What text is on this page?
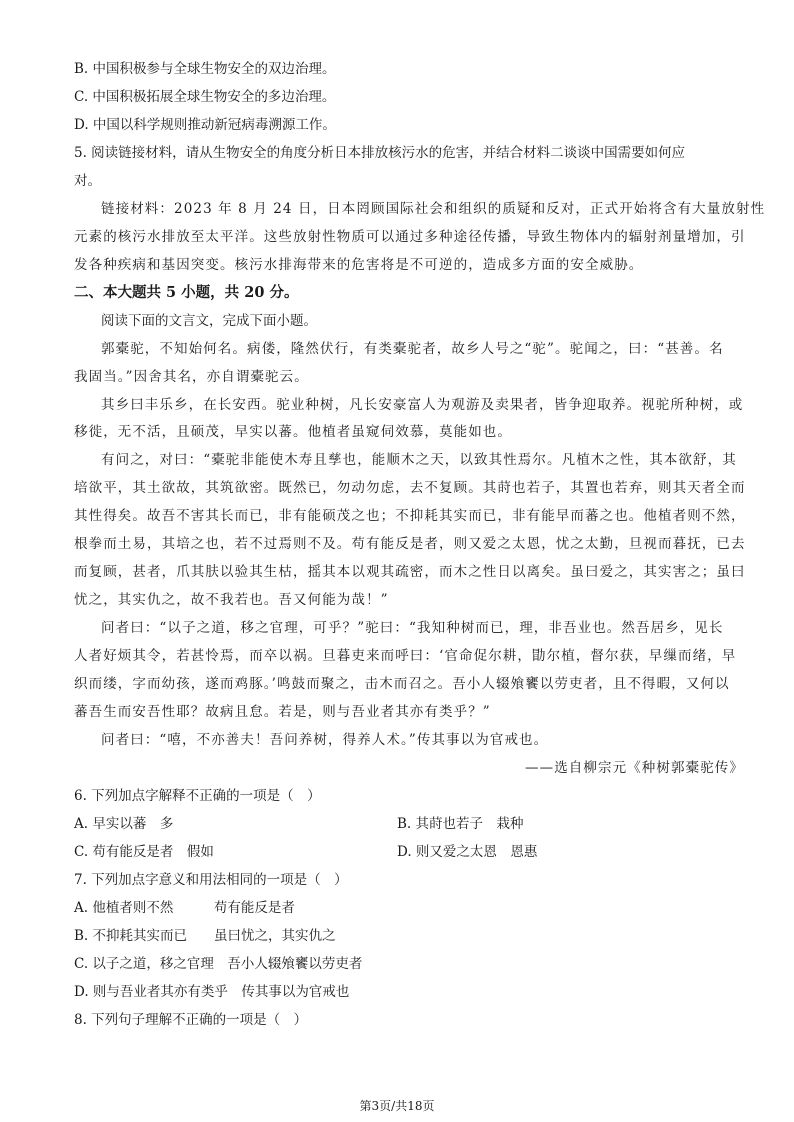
B. 中国积极参与全球生物安全的双边治理。
C. 中国积极拓展全球生物安全的多边治理。
D. 中国以科学规则推动新冠病毒溯源工作。
5. 阅读链接材料，请从生物安全的角度分析日本排放核污水的危害，并结合材料二谈谈中国需要如何应
对。
链接材料：2023 年 8 月 24 日，日本罔顾国际社会和组织的质疑和反对，正式开始将含有大量放射性
元素的核污水排放至太平洋。这些放射性物质可以通过多种途径传播，导致生物体内的辐射剂量增加，引
发各种疾病和基因突变。核污水排海带来的危害将是不可逆的，造成多方面的安全威胁。
二、本大题共 5 小题，共 20 分。
阅读下面的文言文，完成下面小题。
郭橐驼，不知始何名。病偻，隆然伏行，有类橐驼者，故乡人号之“驼”。驼闻之，曰：“甚善。名
我固当。”因舍其名，亦自谓橐驼云。
其乡曰丰乐乡，在长安西。驼业种树，凡长安豪富人为观游及卖果者，皆争迎取养。视驼所种树，或
移徙，无不活，且硕茂，早实以蕃。他植者虽窥伺效慕，莫能如也。
有问之，对曰：“橐驼非能使木寿且孳也，能顺木之天，以致其性焉尔。凡植木之性，其本欲舒，其
培欲平，其土欲故，其筑欲密。既然已，勿动勿虑，去不复顾。其莳也若子，其置也若弃，则其天者全而
其性得矣。故吾不害其长而已，非有能硕茂之也；不抑耗其实而已，非有能早而蕃之也。他植者则不然，
根拳而土易，其培之也，若不过焉则不及。苟有能反是者，则又爱之太恩，忧之太勤，旦视而暮抚，已去
而复顾，甚者，爪其肤以验其生枯，摇其本以观其疏密，而木之性日以离矣。虽曰爱之，其实害之；虽曰
忧之，其实仇之，故不我若也。吾又何能为哉！”
问者曰：“以子之道，移之官理，可乎？”驼曰：“我知种树而已，理，非吾业也。然吾居乡，见长
人者好烦其令，若甚怜焉，而卒以祸。旦暮吏来而呼曰：‘官命促尔耕，勖尔植，督尔获，早缫而绪，早
织而缕，字而幼孩，遂而鸡豚。’鸣鼓而聚之，击木而召之。吾小人辍飧饔以劳吏者，且不得暇，又何以
蕃吾生而安吾性耶？故病且怠。若是，则与吾业者其亦有类乎？”
问者曰：“嘻，不亦善夫！吾问养树，得养人术。”传其事以为官戒也。
——选自柳宗元《种树郭橐驼传》
6. 下列加点字解释不正确的一项是（　）
A. 早实以蕃　多	B. 其莳也若子　栽种
C. 苟有能反是者　假如	D. 则又爱之太恩　恩惠
7. 下列加点字意义和用法相同的一项是（　）
A. 他植者则不然　　　苟有能反是者
B. 不抑耗其实而已　　虽曰忧之，其实仇之
C. 以子之道，移之官理　吾小人辍飧饔以劳吏者
D. 则与吾业者其亦有类乎　传其事以为官戒也
8. 下列句子理解不正确的一项是（　）
第3页/共18页
